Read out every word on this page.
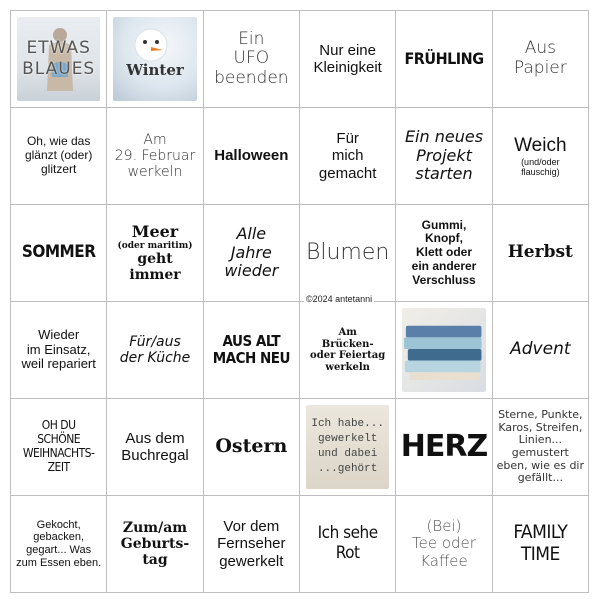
ETWAS
BLAUES Winter
Ein
UFO
beenden
Nur eine
Kleinigkeit	FRÜHLING	Aus
Papier
Oh, wie das
glänzt (oder)
glitzert
Am
29. Februar
werkeln
Halloween
Für
mich
gemacht
Ein neues
Projekt
starten
Weich
(und/oder
flauschig)
SOMMER
Meer
(oder maritim)
geht
immer
Alle
Jahre
wieder
Blumen
Gummi,
Knopf,
Klett oder
ein anderer
Verschluss
Herbst
Wieder
im Einsatz,
weil repariert
Für/aus
der Küche
AUS ALT
MACH NEU
Am
Brücken-
oder Feiertag
werkeln
Advent
OH DU
SCHÖNE
WEIHNACHTS-
ZEIT
Aus dem
Buchregal	Ostern
Ich habe...
gewerkelt
und dabei
...gehört
HERZ
Sterne, Punkte,
Karos, Streifen,
Linien... gemustert
eben, wie es dir
gefällt...
Gekocht,
gebacken,
gegart... Was
zum Essen eben.
Zum/am
Geburts-
tag
Vor dem
Fernseher
gewerkelt
Ich sehe
Rot
(Bei)
Tee oder
Kaffee
FAMILY
TIME
©2024 antetanni
